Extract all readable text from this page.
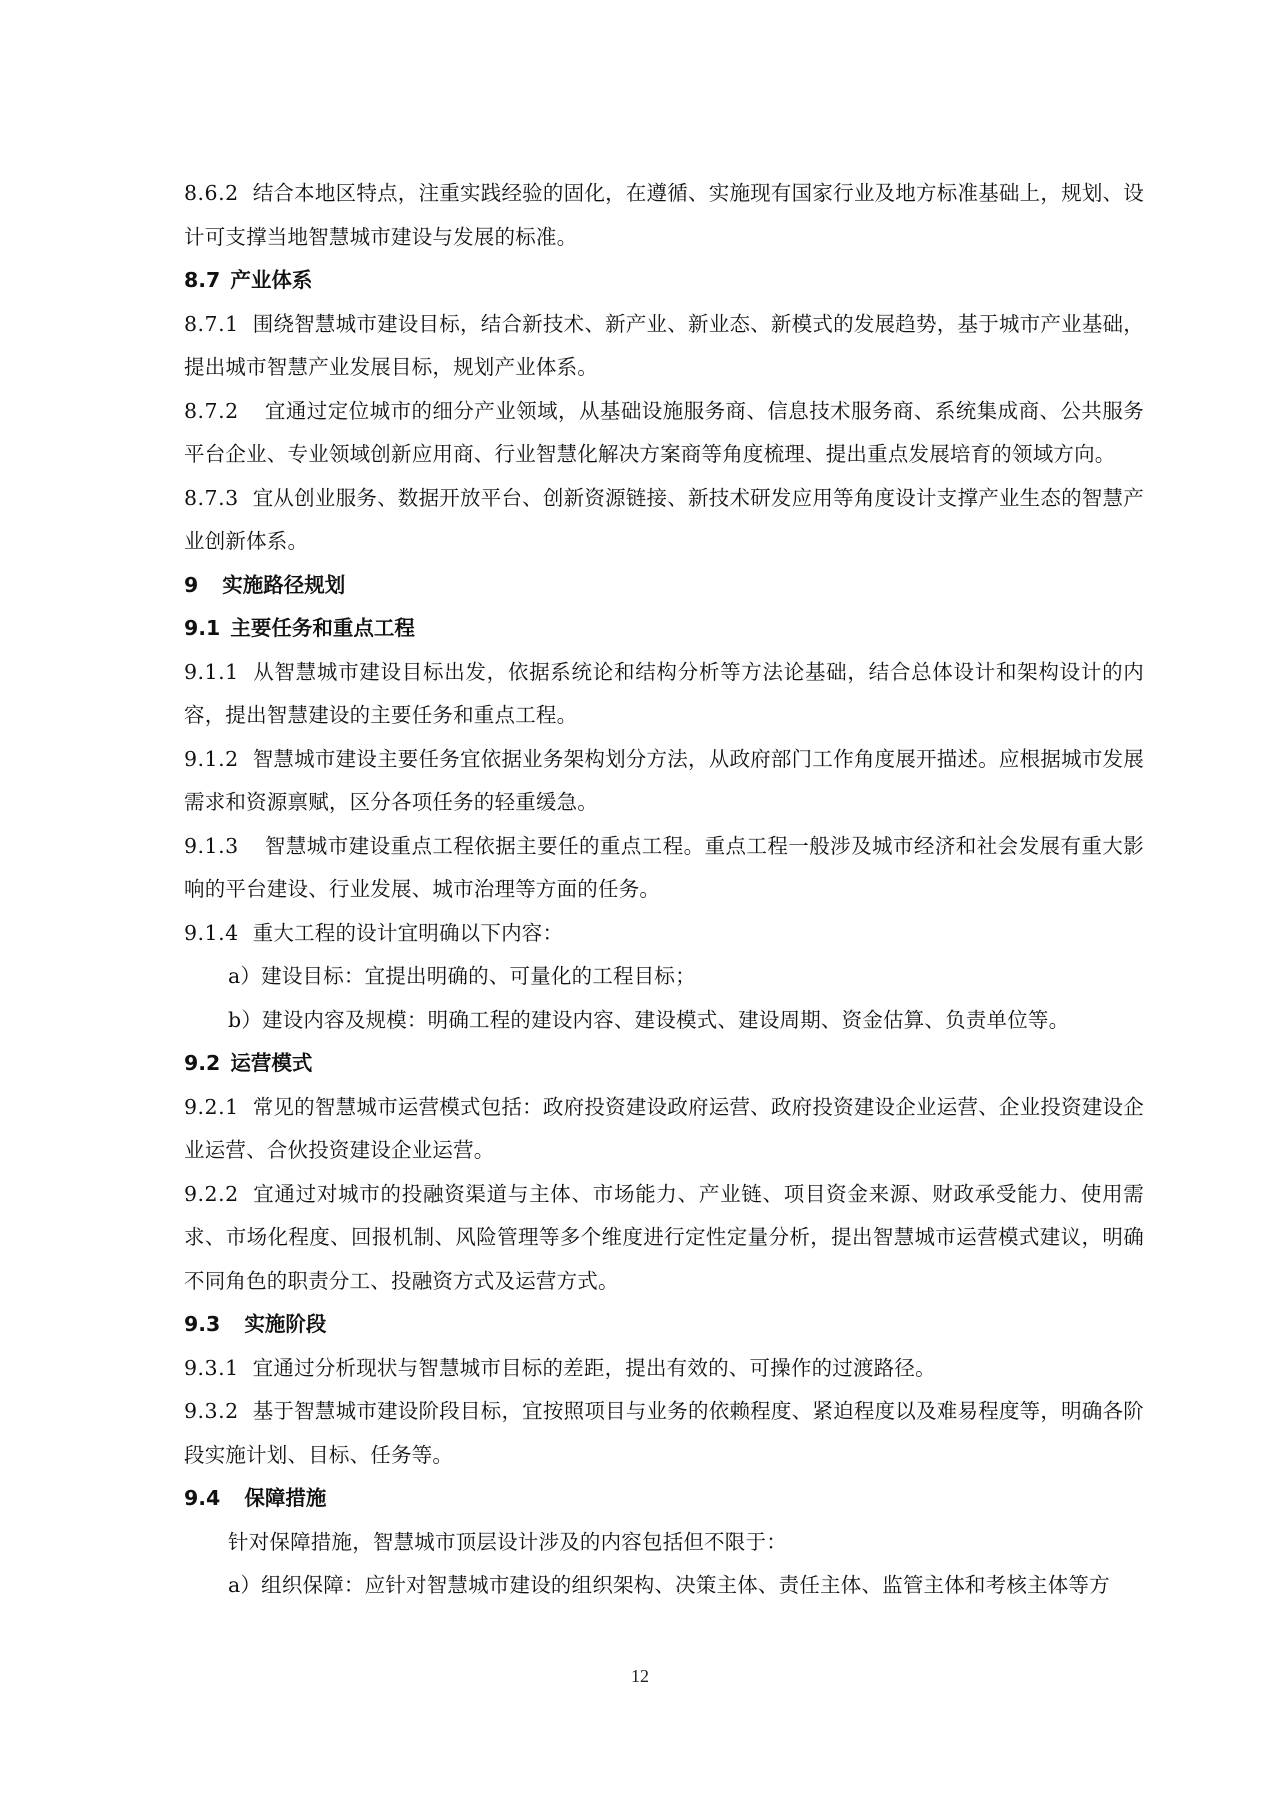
8.6.2 结合本地区特点，注重实践经验的固化，在遵循、实施现有国家行业及地方标准基础上，规划、设计可支撑当地智慧城市建设与发展的标准。

8.7 产业体系

8.7.1 围绕智慧城市建设目标，结合新技术、新产业、新业态、新模式的发展趋势，基于城市产业基础，提出城市智慧产业发展目标，规划产业体系。

8.7.2 宜通过定位城市的细分产业领域，从基础设施服务商、信息技术服务商、系统集成商、公共服务平台企业、专业领域创新应用商、行业智慧化解决方案商等角度梳理、提出重点发展培育的领域方向。

8.7.3 宜从创业服务、数据开放平台、创新资源链接、新技术研发应用等角度设计支撑产业生态的智慧产业创新体系。

9 实施路径规划

9.1 主要任务和重点工程

9.1.1 从智慧城市建设目标出发，依据系统论和结构分析等方法论基础，结合总体设计和架构设计的内容，提出智慧建设的主要任务和重点工程。

9.1.2 智慧城市建设主要任务宜依据业务架构划分方法，从政府部门工作角度展开描述。应根据城市发展需求和资源禀赋，区分各项任务的轻重缓急。

9.1.3 智慧城市建设重点工程依据主要任的重点工程。重点工程一般涉及城市经济和社会发展有重大影响的平台建设、行业发展、城市治理等方面的任务。

9.1.4 重大工程的设计宜明确以下内容：

a）建设目标：宜提出明确的、可量化的工程目标；

b）建设内容及规模：明确工程的建设内容、建设模式、建设周期、资金估算、负责单位等。

9.2 运营模式

9.2.1 常见的智慧城市运营模式包括：政府投资建设政府运营、政府投资建设企业运营、企业投资建设企业运营、合伙投资建设企业运营。

9.2.2 宜通过对城市的投融资渠道与主体、市场能力、产业链、项目资金来源、财政承受能力、使用需求、市场化程度、回报机制、风险管理等多个维度进行定性定量分析，提出智慧城市运营模式建议，明确不同角色的职责分工、投融资方式及运营方式。

9.3 实施阶段

9.3.1 宜通过分析现状与智慧城市目标的差距，提出有效的、可操作的过渡路径。

9.3.2 基于智慧城市建设阶段目标，宜按照项目与业务的依赖程度、紧迫程度以及难易程度等，明确各阶段实施计划、目标、任务等。

9.4 保障措施

针对保障措施，智慧城市顶层设计涉及的内容包括但不限于：

a）组织保障：应针对智慧城市建设的组织架构、决策主体、责任主体、监管主体和考核主体等方

12
